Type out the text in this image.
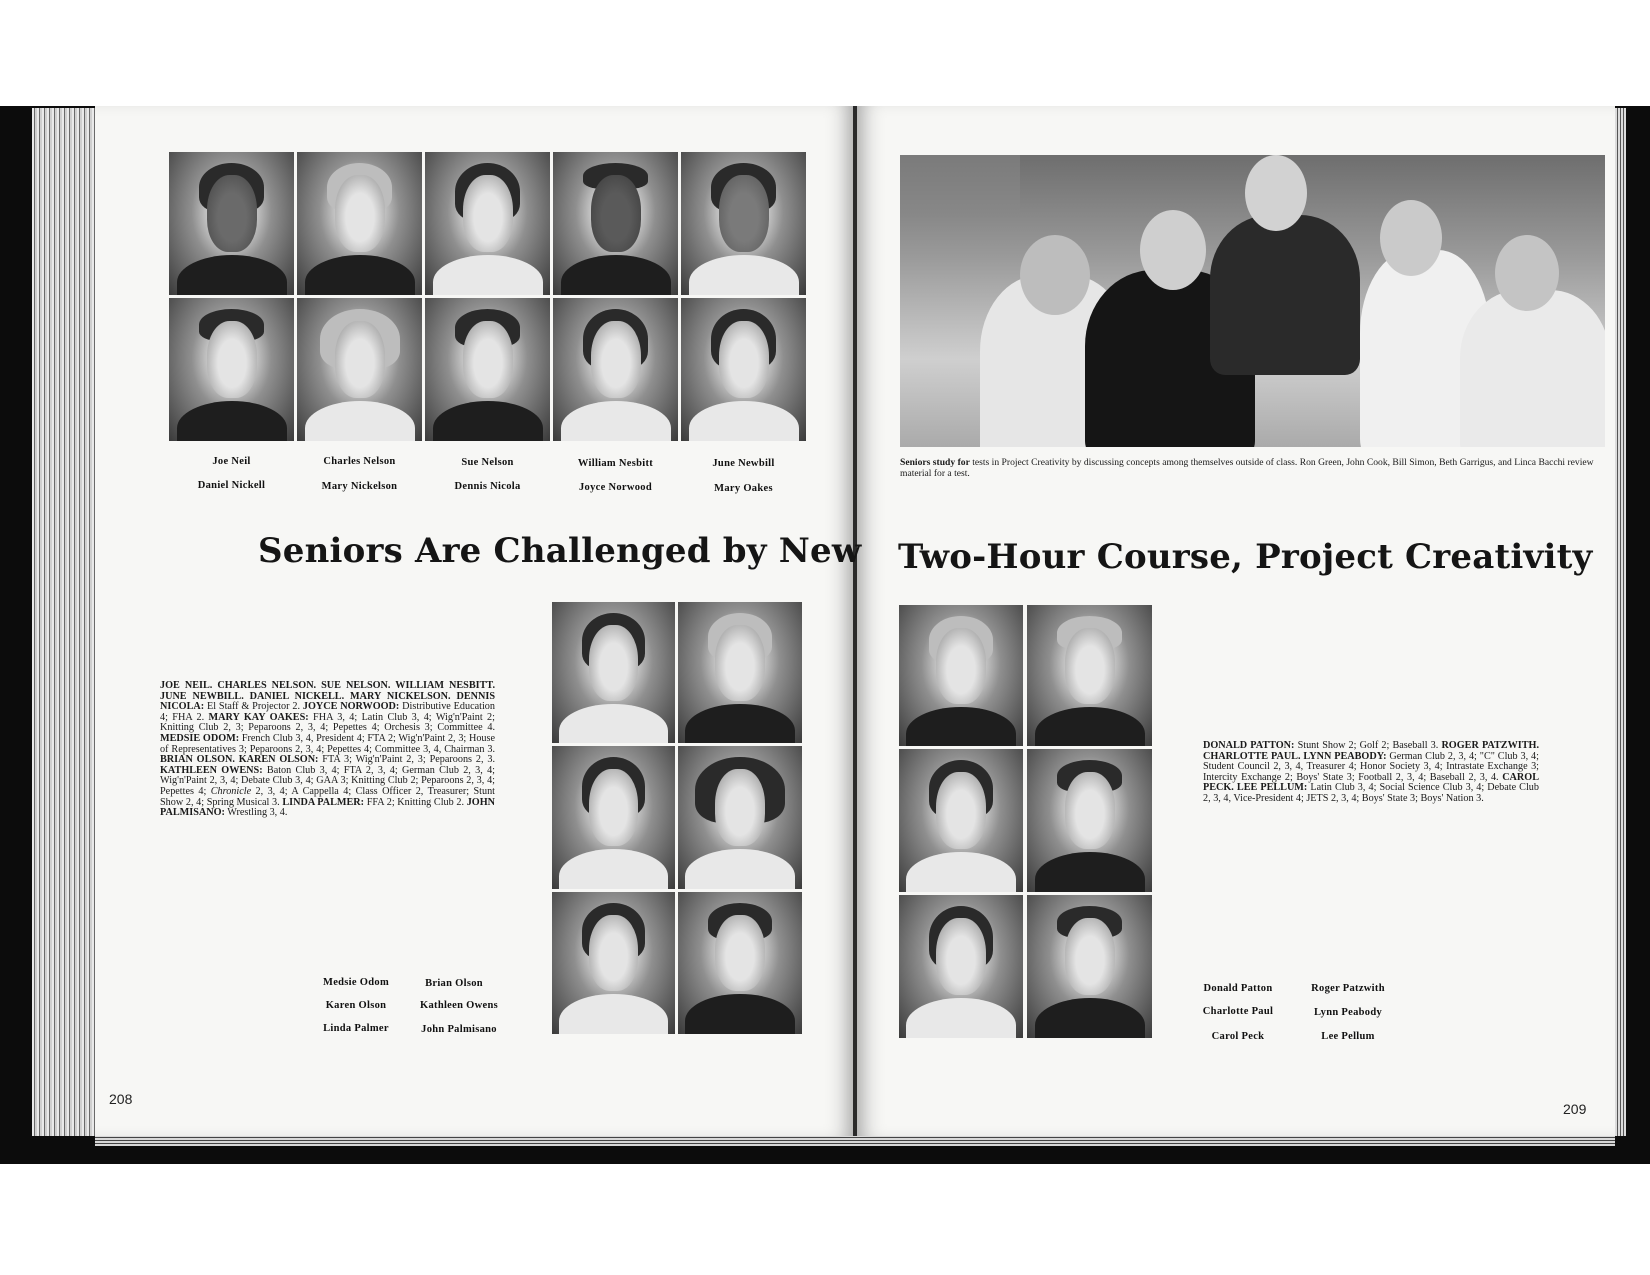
Joe Neil	Charles Nelson	Sue Nelson	William Nesbitt	June Newbill
Daniel Nickell	Mary Nickelson	Dennis Nicola	Joyce Norwood	Mary Oakes
Seniors Are Challenged by New
JOE NEIL. CHARLES NELSON. SUE NELSON. WILLIAM NESBITT. JUNE NEWBILL. DANIEL NICKELL. MARY NICKELSON. DENNIS NICOLA: El Staff & Projector 2. JOYCE NORWOOD: Distributive Education 4; FHA 2. MARY KAY OAKES: FHA 3, 4; Latin Club 3, 4; Wig'n'Paint 2; Knitting Club 2, 3; Peparoons 2, 3, 4; Pepettes 4; Orchesis 3; Committee 4. MEDSIE ODOM: French Club 3, 4, President 4; FTA 2; Wig'n'Paint 2, 3; House of Representatives 3; Peparoons 2, 3, 4; Pepettes 4; Committee 3, 4, Chairman 3. BRIAN OLSON. KAREN OLSON: FTA 3; Wig'n'Paint 2, 3; Peparoons 2, 3. KATHLEEN OWENS: Baton Club 3, 4; FTA 2, 3, 4; German Club 2, 3, 4; Wig'n'Paint 2, 3, 4; Debate Club 3, 4; GAA 3; Knitting Club 2; Peparoons 2, 3, 4; Pepettes 4; Chronicle 2, 3, 4; A Cappella 4; Class Officer 2, Treasurer; Stunt Show 2, 4; Spring Musical 3. LINDA PALMER: FFA 2; Knitting Club 2. JOHN PALMISANO: Wrestling 3, 4.
Medsie Odom	Brian Olson
Karen Olson	Kathleen Owens
Linda Palmer	John Palmisano
208
Seniors study for tests in Project Creativity by discussing concepts among themselves outside of class. Ron Green, John Cook, Bill Simon, Beth Garrigus, and Linca Bacchi review material for a test.
Two-Hour Course, Project Creativity
DONALD PATTON: Stunt Show 2; Golf 2; Baseball 3. ROGER PATZWITH. CHARLOTTE PAUL. LYNN PEABODY: German Club 2, 3, 4; "C" Club 3, 4; Student Council 2, 3, 4, Treasurer 4; Honor Society 3, 4; Intrastate Exchange 3; Intercity Exchange 2; Boys' State 3; Football 2, 3, 4; Baseball 2, 3, 4. CAROL PECK. LEE PELLUM: Latin Club 3, 4; Social Science Club 3, 4; Debate Club 2, 3, 4, Vice-President 4; JETS 2, 3, 4; Boys' State 3; Boys' Nation 3.
Donald Patton	Roger Patzwith
Charlotte Paul	Lynn Peabody
Carol Peck	Lee Pellum
209
